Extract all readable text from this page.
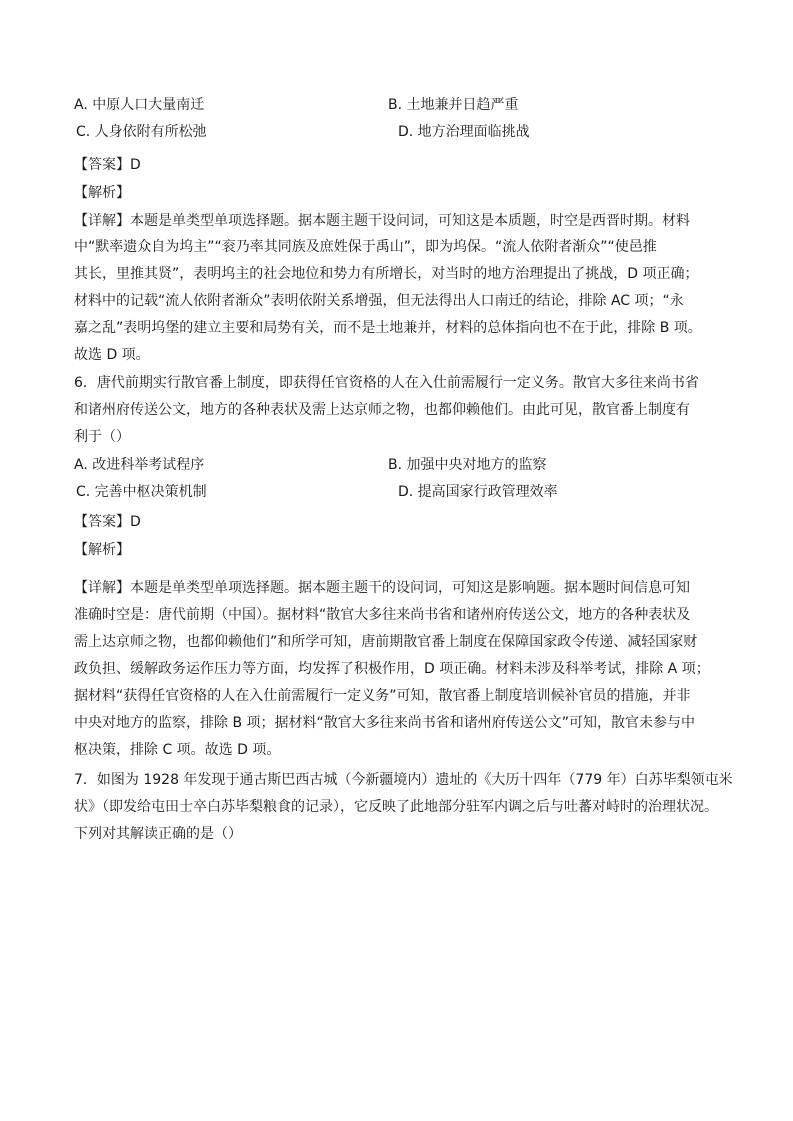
A. 中原人口大量南迁	B. 土地兼并日趋严重
C. 人身依附有所松弛	D. 地方治理面临挑战
【答案】D
【解析】
【详解】本题是单类型单项选择题。据本题主题干设问词，可知这是本质题，时空是西晋时期。材料
中“默率遗众自为坞主”“衮乃率其同族及庶姓保于禹山”，即为坞保。“流人依附者渐众”“使邑推
其长，里推其贤”，表明坞主的社会地位和势力有所增长，对当时的地方治理提出了挑战，D 项正确；
材料中的记载“流人依附者渐众”表明依附关系增强，但无法得出人口南迁的结论，排除 AC 项；“永
嘉之乱”表明坞堡的建立主要和局势有关，而不是土地兼并，材料的总体指向也不在于此，排除 B 项。
故选 D 项。
6．唐代前期实行散官番上制度，即获得任官资格的人在入仕前需履行一定义务。散官大多往来尚书省
和诸州府传送公文，地方的各种表状及需上达京师之物，也都仰赖他们。由此可见，散官番上制度有
利于（）
A. 改进科举考试程序	B. 加强中央对地方的监察
C. 完善中枢决策机制	D. 提高国家行政管理效率
【答案】D
【解析】
【详解】本题是单类型单项选择题。据本题主题干的设问词，可知这是影响题。据本题时间信息可知
准确时空是：唐代前期（中国）。据材料“散官大多往来尚书省和诸州府传送公文，地方的各种表状及
需上达京师之物，也都仰赖他们”和所学可知，唐前期散官番上制度在保障国家政令传递、减轻国家财
政负担、缓解政务运作压力等方面，均发挥了积极作用，D 项正确。材料未涉及科举考试，排除 A 项；
据材料“获得任官资格的人在入仕前需履行一定义务”可知，散官番上制度培训候补官员的措施，并非
中央对地方的监察，排除 B 项；据材料“散官大多往来尚书省和诸州府传送公文”可知，散官未参与中
枢决策，排除 C 项。故选 D 项。
7．如图为 1928 年发现于通古斯巴西古城（今新疆境内）遗址的《大历十四年（779 年）白苏毕梨领屯米
状》（即发给屯田士卒白苏毕梨粮食的记录），它反映了此地部分驻军内调之后与吐蕃对峙时的治理状况。
下列对其解读正确的是（）
